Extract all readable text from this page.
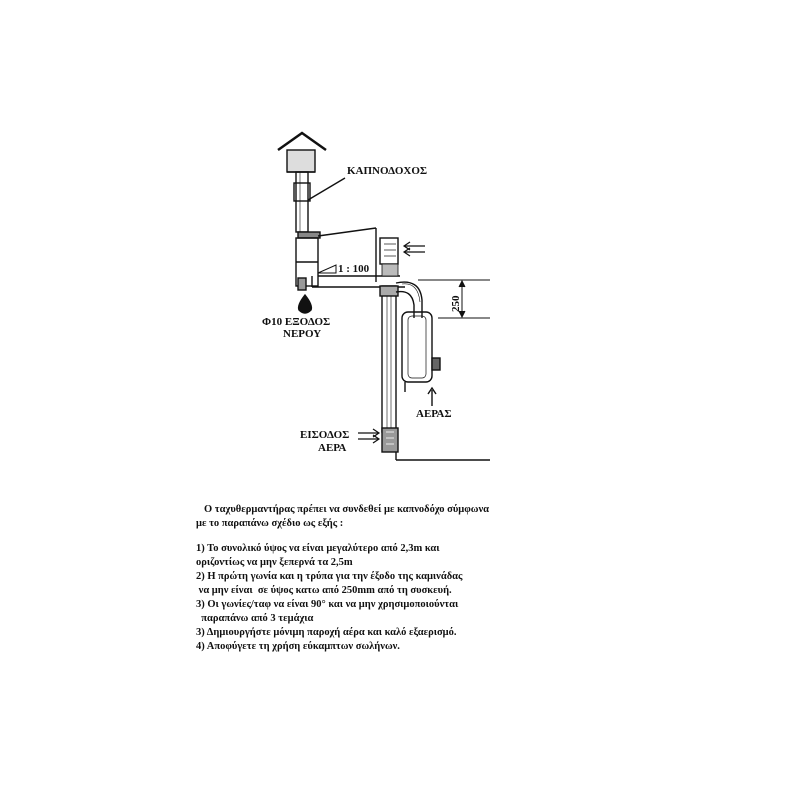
ΚΑΠΝΟΔΟΧΟΣ
1 : 100
Φ10 ΕΞΟΔΟΣ
ΝΕΡΟΥ
250
ΑΕΡΑΣ
ΕΙΣΟΔΟΣ
ΑΕΡΑ
Ο ταχυθερμαντήρας πρέπει να συνδεθεί με καπνοδόχο σύμφωνα
με το παραπάνω σχέδιο ως εξής :
1) Το συνολικό ύψος να είναι μεγαλύτερο από 2,3m και
οριζοντίως να μην ξεπερνά τα 2,5m
2) Η πρώτη γωνία και η τρύπα για την έξοδο της καμινάδας
να μην είναι  σε ύψος κατω από 250mm από τη συσκευή.
3) Οι γωνίες/ταφ να είναι 90° και να μην χρησιμοποιούνται
παραπάνω από 3 τεμάχια
3) Δημιουργήστε μόνιμη παροχή αέρα και καλό εξαερισμό.
4) Αποφύγετε τη χρήση εύκαμπτων σωλήνων.
